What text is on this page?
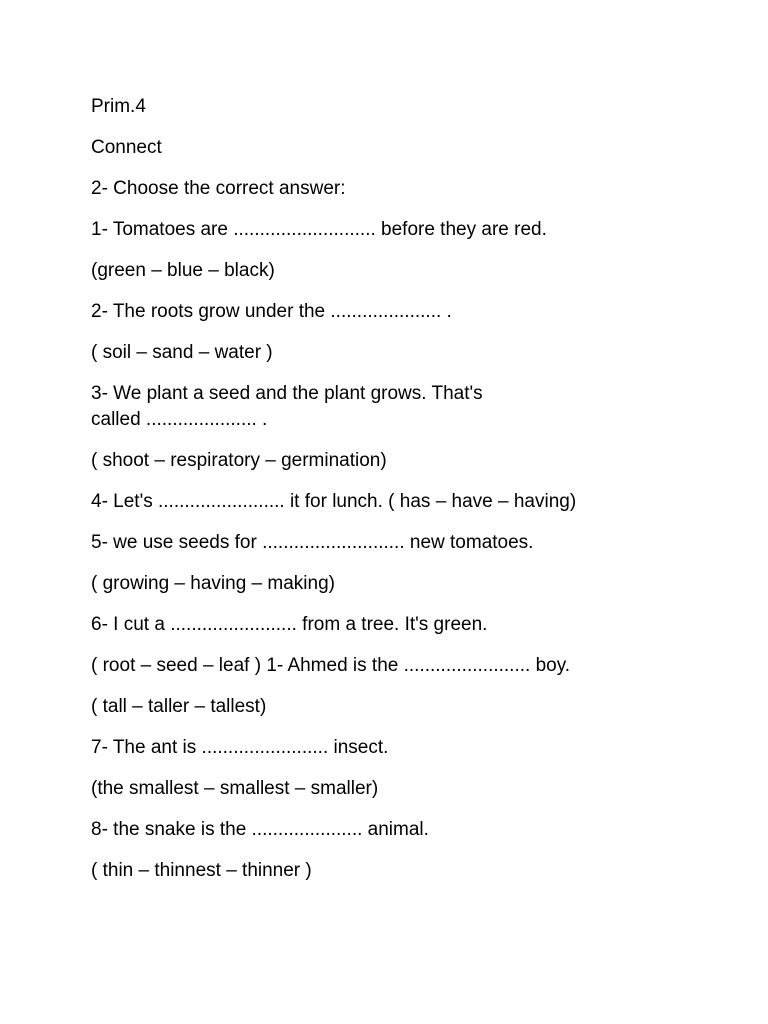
Prim.4
Connect
2- Choose the correct answer:
1- Tomatoes are ........................... before they are red.
(green – blue – black)
2- The roots grow under the ..................... .
( soil – sand – water )
3- We plant a seed and the plant grows. That's
called ..................... .
( shoot – respiratory – germination)
4- Let's ........................ it for lunch. ( has – have – having)
5- we use seeds for ........................... new tomatoes.
( growing – having – making)
6- I cut a ........................ from a tree. It's green.
( root – seed – leaf ) 1- Ahmed is the ........................ boy.
( tall – taller – tallest)
7- The ant is ........................ insect.
(the smallest – smallest – smaller)
8- the snake is the ..................... animal.
( thin – thinnest – thinner )
